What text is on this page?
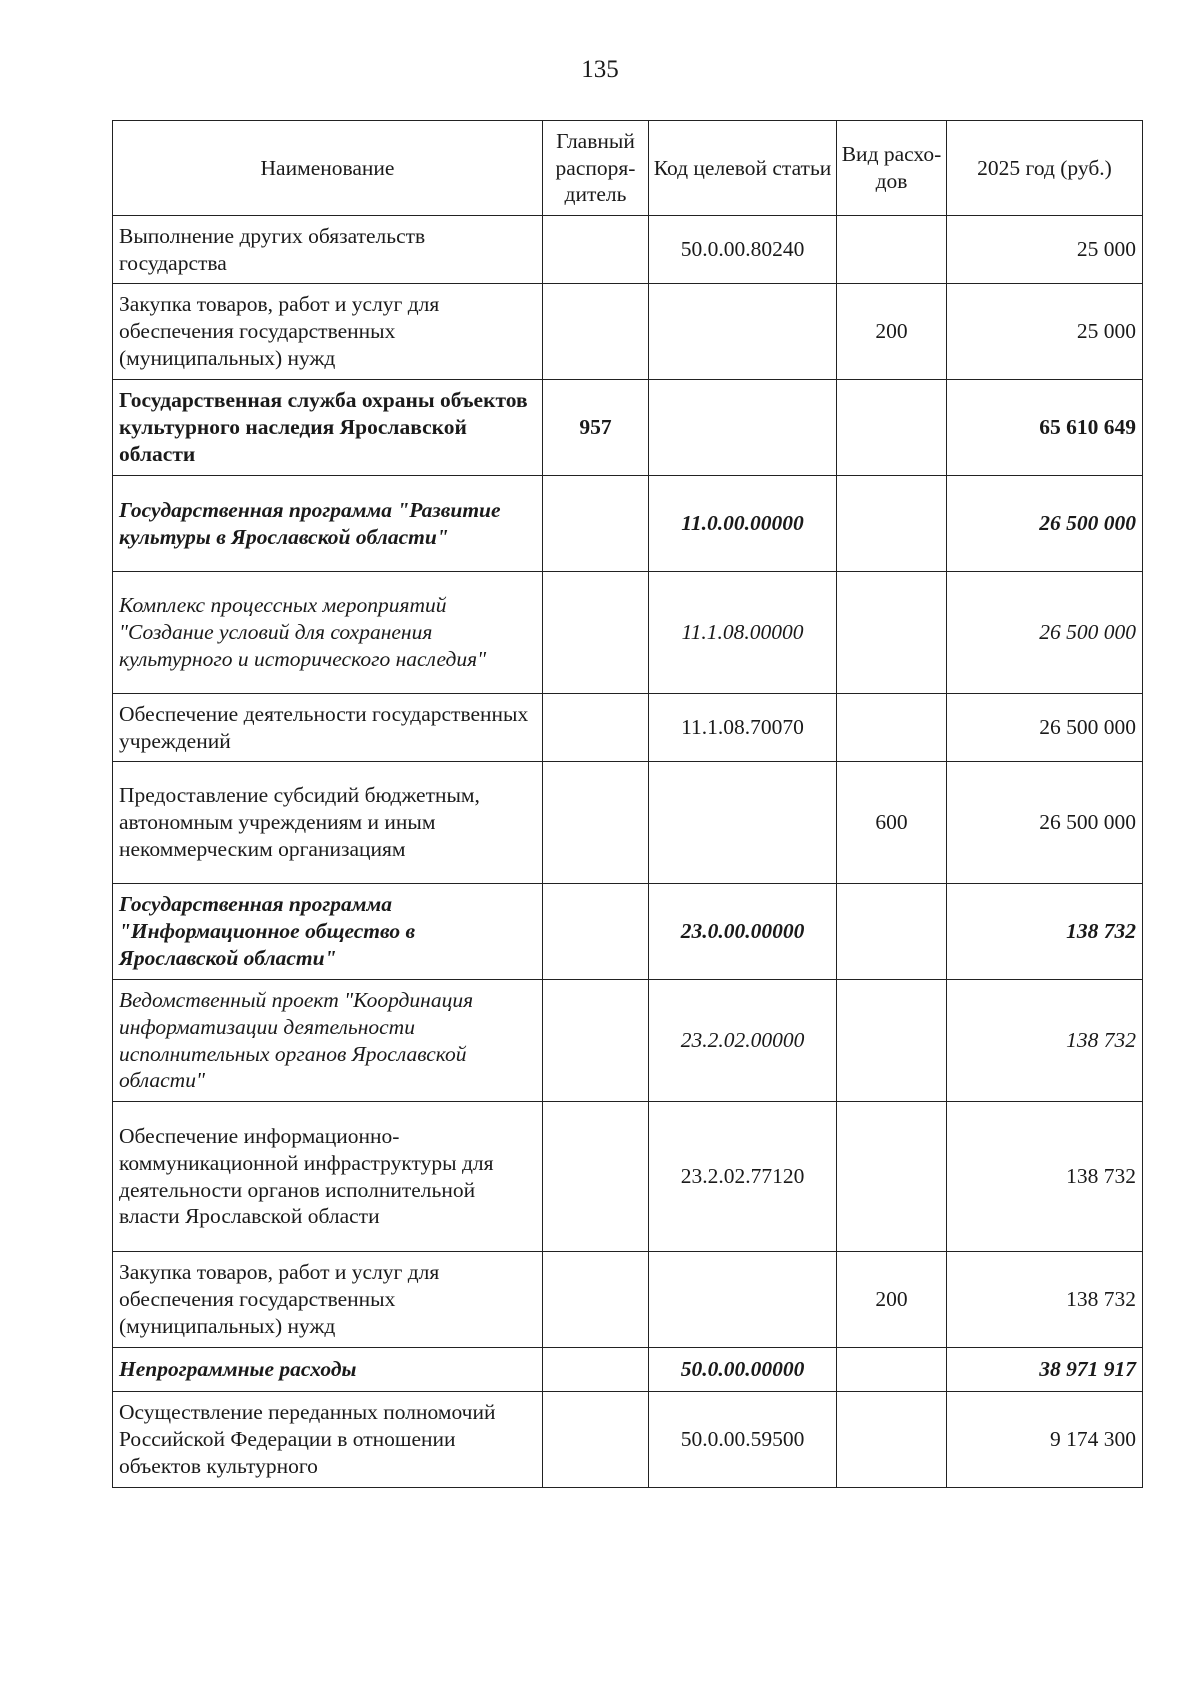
135
Наименование	Главный распоря-дитель	Код целевой статьи	Вид расхо-дов	2025 год (руб.)
Выполнение других обязательств государства		50.0.00.80240		25 000
Закупка товаров, работ и услуг для обеспечения государственных (муниципальных) нужд			200	25 000
Государственная служба охраны объектов культурного наследия Ярославской области	957			65 610 649
Государственная программа "Развитие культуры в Ярославской области"		11.0.00.00000		26 500 000
Комплекс процессных мероприятий "Создание условий для сохранения культурного и исторического наследия"		11.1.08.00000		26 500 000
Обеспечение деятельности государственных учреждений		11.1.08.70070		26 500 000
Предоставление субсидий бюджетным, автономным учреждениям и иным некоммерческим организациям			600	26 500 000
Государственная программа "Информационное общество в Ярославской области"		23.0.00.00000		138 732
Ведомственный проект "Координация информатизации деятельности исполнительных органов Ярославской области"		23.2.02.00000		138 732
Обеспечение информационно-коммуникационной инфраструктуры для деятельности органов исполнительной власти Ярославской области		23.2.02.77120		138 732
Закупка товаров, работ и услуг для обеспечения государственных (муниципальных) нужд			200	138 732
Непрограммные расходы		50.0.00.00000		38 971 917
Осуществление переданных полномочий Российской Федерации в отношении объектов культурного		50.0.00.59500		9 174 300
